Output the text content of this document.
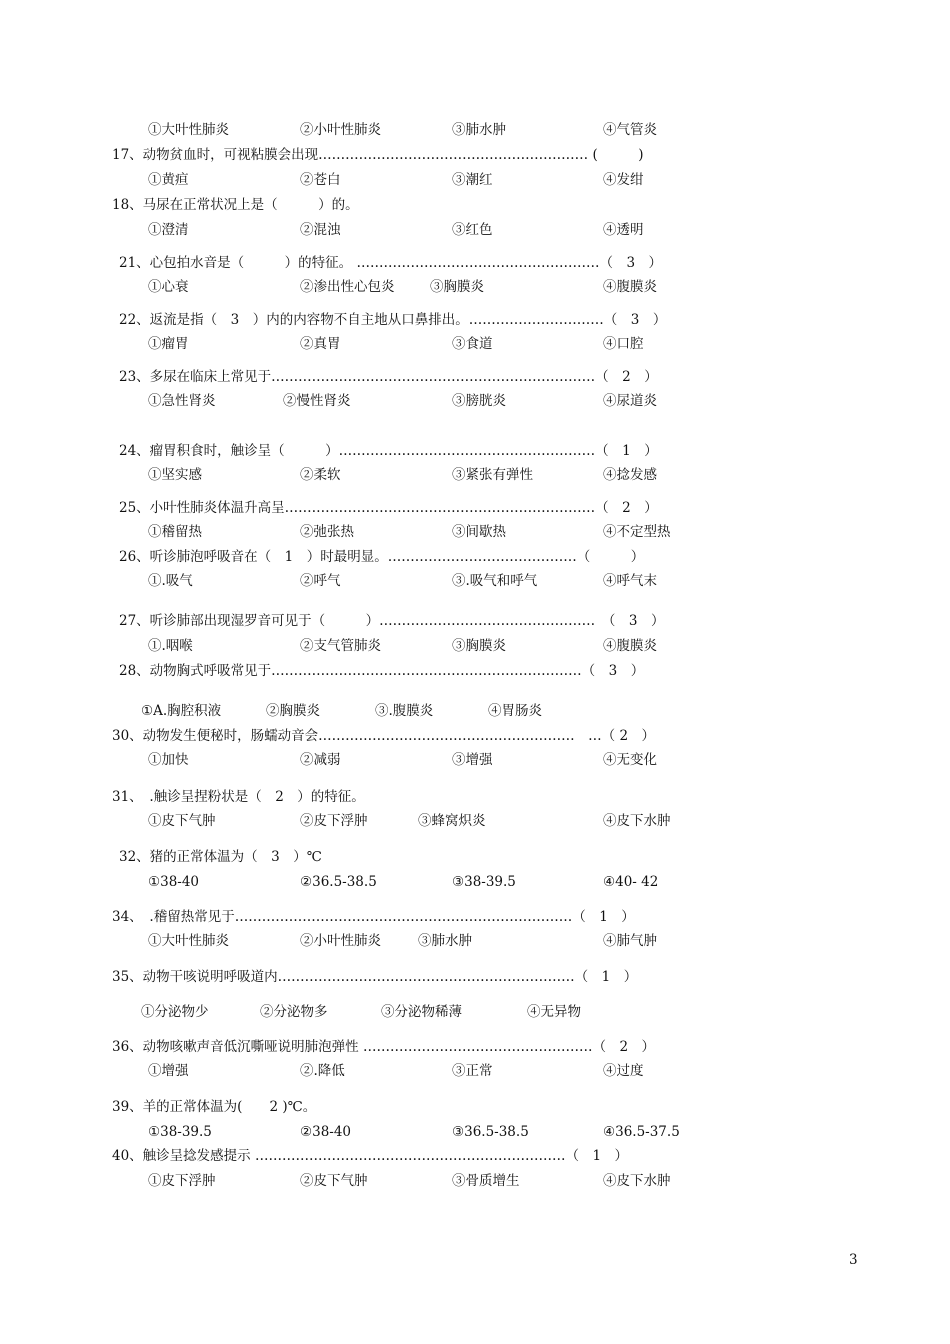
①大叶性肺炎	②小叶性肺炎	③肺水肿	④气管炎
17、动物贫血时，可视粘膜会出现…………………………………………………… (　　　)
①黄疸	②苍白	③潮红	④发绀
18、马尿在正常状况上是（　　　）的。
①澄清	②混浊	③红色	④透明
21、心包拍水音是（　　　）的特征。 ………………………………………………（　3　）
①心衰	②渗出性心包炎	③胸膜炎	④腹膜炎
22、返流是指（　3　）内的内容物不自主地从口鼻排出。…………………………（　3　）
①瘤胃	②真胃	③食道	④口腔
23、多尿在临床上常见于………………………………………………………………（　2　）
①急性肾炎	②慢性肾炎	③膀胱炎	④尿道炎
24、瘤胃积食时，触诊呈（　　　）…………………………………………………（　1　）
①坚实感	②柔软	③紧张有弹性	④捻发感
25、小叶性肺炎体温升高呈……………………………………………………………（　2　）
①稽留热	②弛张热	③间歇热	④不定型热
26、听诊肺泡呼吸音在（　1　）时最明显。……………………………………（　　　）
①.吸气	②呼气	③.吸气和呼气	④呼气末
27、听诊肺部出现湿罗音可见于（　　　）…………………………………………　（　3　）
①.咽喉	②支气管肺炎	③胸膜炎	④腹膜炎
28、动物胸式呼吸常见于……………………………………………………………（　3　）
①A.胸腔积液	②胸膜炎	③.腹膜炎	④胃肠炎
30、动物发生便秘时，肠蠕动音会…………………………………………………　…（ 2　）
①加快	②减弱	③增强	④无变化
31、　.触诊呈捏粉状是（　2　）的特征。
①皮下气肿	②皮下浮肿	③蜂窝炽炎	④皮下水肿
32、猪的正常体温为（　3　）℃
①38-40	②36.5-38.5	③38-39.5	④40- 42
34、　.稽留热常见于…………………………………………………………………（　1　）
①大叶性肺炎	②小叶性肺炎	③肺水肿	④肺气肿
35、动物干咳说明呼吸道内…………………………………………………………（　1　）
①分泌物少	②分泌物多	③分泌物稀薄	④无异物
36、动物咳嗽声音低沉嘶哑说明肺泡弹性 ……………………………………………（　2　）
①增强	②.降低	③正常	④过度
39、羊的正常体温为(　　2 )℃。
①38-39.5	②38-40	③36.5-38.5	④36.5-37.5
40、触诊呈捻发感提示 ……………………………………………………………（　1　）
①皮下浮肿	②皮下气肿	③骨质增生	④皮下水肿
3
